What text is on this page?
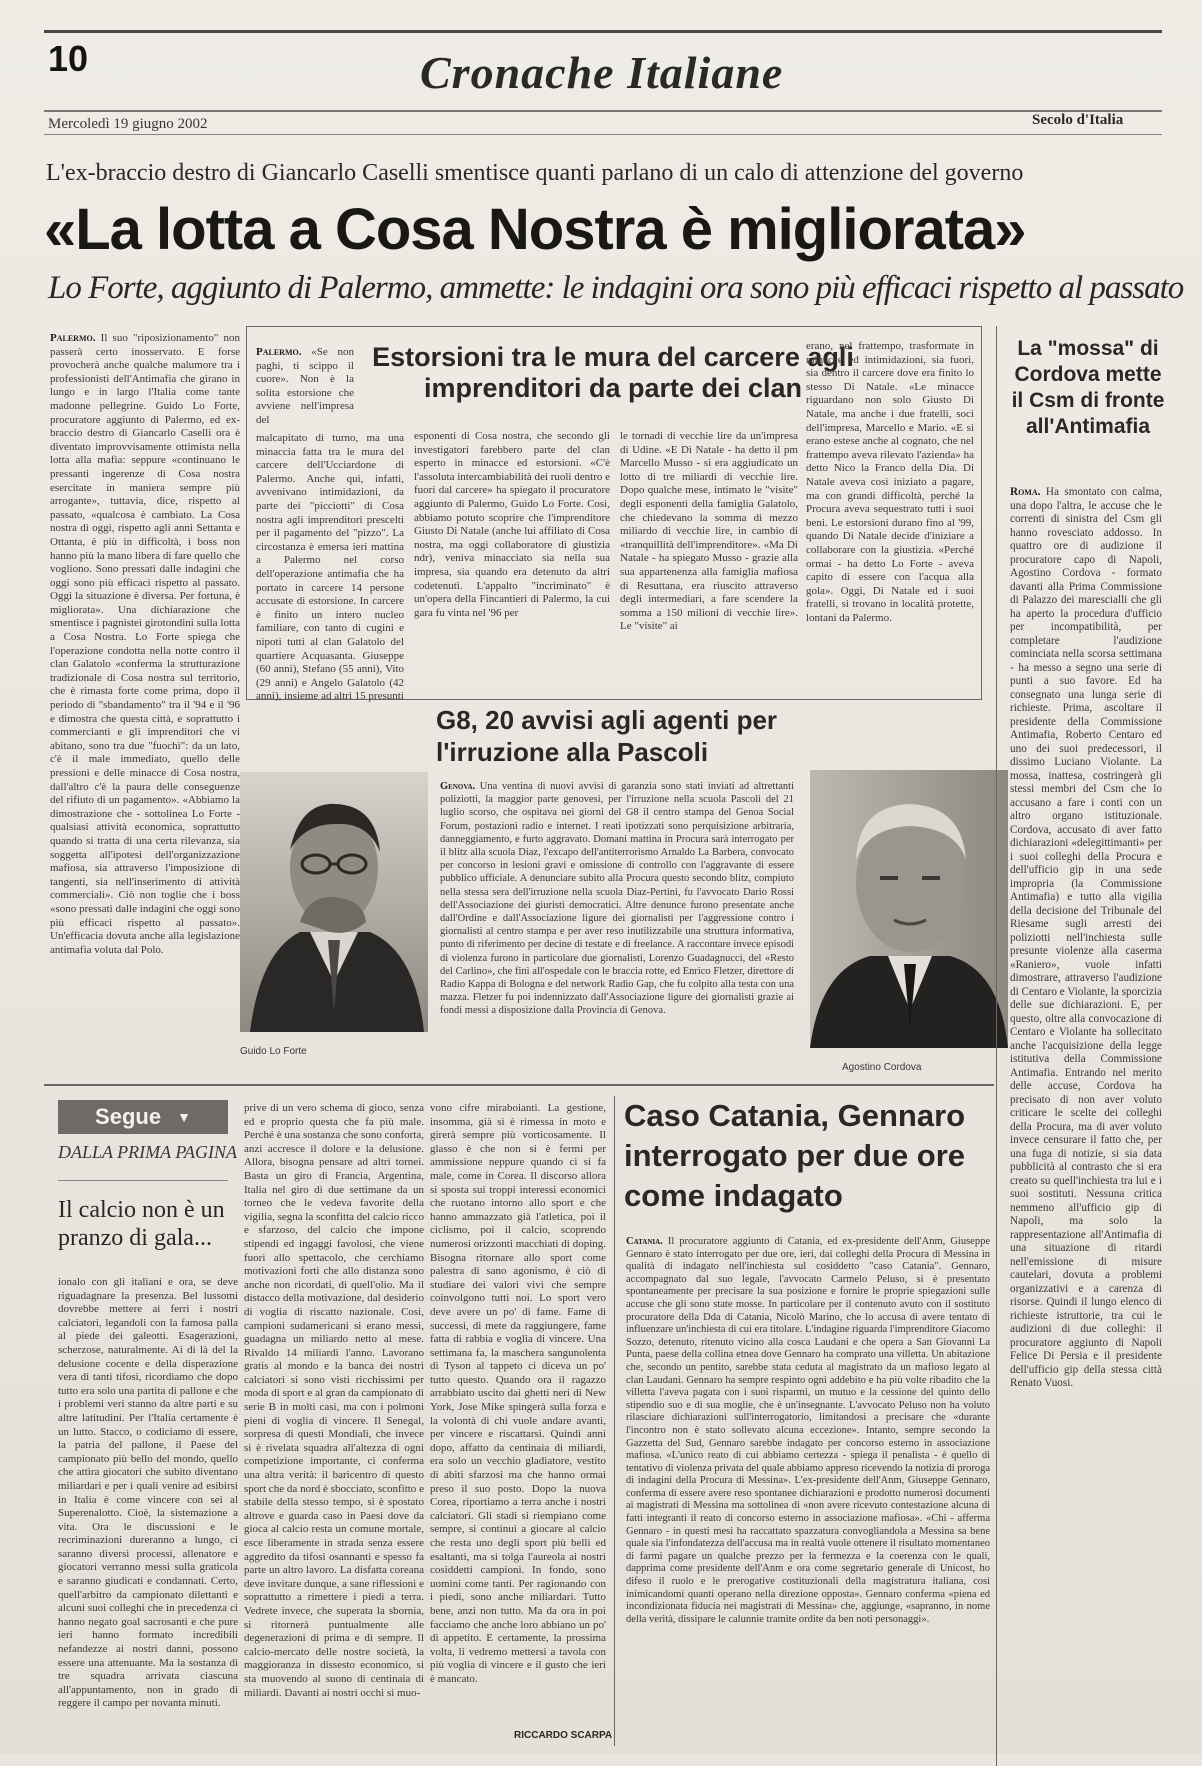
10	Cronache Italiane
Mercoledì 19 giugno 2002	Secolo d'Italia
L'ex-braccio destro di Giancarlo Caselli smentisce quanti parlano di un calo di attenzione del governo
«La lotta a Cosa Nostra è migliorata»
Lo Forte, aggiunto di Palermo, ammette: le indagini ora sono più efficaci rispetto al passato
Palermo. Il suo "riposizionamento" non passerà certo inosservato. E forse provocherà anche qualche malumore tra i professionisti dell'Antimafia che girano in lungo e in largo l'Italia come tante madonne pellegrine. Guido Lo Forte, procuratore aggiunto di Palermo, ed ex-braccio destro di Giancarlo Caselli ora è diventato improvvisamente ottimista nella lotta alla mafia: seppure «continuano le pressanti ingerenze di Cosa nostra esercitate in maniera sempre più arrogante», tuttavia, dice, rispetto al passato, «qualcosa è cambiato. La Cosa nostra di oggi, rispetto agli anni Settanta e Ottanta, è più in difficoltà, i boss non hanno più la mano libera di fare quello che vogliono. Sono pressati dalle indagini che oggi sono più efficaci rispetto al passato. Oggi la situazione è diversa. Per fortuna, è migliorata». Una dichiarazione che smentisce i pagnisteì girotondini sulla lotta a Cosa Nostra. Lo Forte spiega che l'operazione condotta nella notte contro il clan Galatolo «conferma la strutturazione tradizionale di Cosa nostra sul territorio, che è rimasta forte come prima, dopo il periodo di "sbandamento" tra il '94 e il '96 e dimostra che questa città, e soprattutto i commercianti e gli imprenditori che vi abitano, sono tra due "fuochi": da un lato, c'è il male immediato, quello delle pressioni e delle minacce di Cosa nostra, dall'altro c'è la paura delle conseguenze del rifiuto di un pagamento». «Abbiamo la dimostrazione che - sottolinea Lo Forte - qualsiasi attività economica, soprattutto quando si tratta di una certa rilevanza, sia soggetta all'ipotesi dell'organizzazione mafiosa, sia attraverso l'imposizione di tangenti, sia nell'inserimento di attività commerciali». Ciò non toglie che i boss «sono pressati dalle indagini che oggi sono più efficaci rispetto al passato». Un'efficacia dovuta anche alla legislazione antimafia voluta dal Polo.
Estorsioni tra le mura del carcere agli imprenditori da parte dei clan
Palermo. «Se non paghi, ti scippo il cuore». Non è la solita estorsione che avviene nell'impresa del
malcapitato di turno, ma una minaccia fatta tra le mura del carcere dell'Ucciardone di Palermo. Anche qui, infatti, avvenivano intimidazioni, da parte dei "picciotti" di Cosa nostra agli imprenditori prescelti per il pagamento del "pizzo". La circostanza è emersa ieri mattina a Palermo nel corso dell'operazione antimafia che ha portato in carcere 14 persone accusate di estorsione. In carcere è finito un intero nucleo familiare, con tanto di cugini e nipoti tutti al clan Galatolo del quartiere Acquasanta. Giuseppe (60 anni), Stefano (55 anni), Vito (29 anni) e Angelo Galatolo (42 anni), insieme ad altri 15 presunti
esponenti di Cosa nostra, che secondo gli investigatori farebbero parte del clan esperto in minacce ed estorsioni. «C'è l'assoluta intercambiabilità dei ruoli dentro e fuori dal carcere» ha spiegato il procuratore aggiunto di Palermo, Guido Lo Forte. Così, abbiamo potuto scoprire che l'imprenditore Giusto Di Natale (anche lui affiliato di Cosa nostra, ma oggi collaboratore di giustizia ndr), veniva minacciato sia nella sua impresa, sia quando era detenuto da altri codetenuti. L'appalto "incriminato" è un'opera della Fincantieri di Palermo, la cui gara fu vinta nel '96 per
le tornadi di vecchie lire da un'impresa di Udine. «E Di Natale - ha detto il pm Marcello Musso - si era aggiudicato un lotto di tre miliardi di vecchie lire. Dopo qualche mese, intimato le "visite" degli esponenti della famiglia Galatolo, che chiedevano la somma di mezzo miliardo di vecchie lire, in cambio di «tranquillità dell'imprenditore». «Ma Di Natale - ha spiegato Musso - grazie alla sua appartenenza alla famiglia mafiosa di Resuttana, era riuscito attraverso degli intermediari, a fare scendere la somma a 150 milioni di vecchie lire». Le "visite" ai
erano, nel frattempo, trasformate in minacce ed intimidazioni, sia fuori, sia dentro il carcere dove era finito lo stesso Di Natale. «Le minacce riguardano non solo Giusto Di Natale, ma anche i due fratelli, soci dell'impresa, Marcello e Mario. «E si erano estese anche al cognato, che nel frattempo aveva rilevato l'azienda» ha detto Nico la Franco della Dia. Di Natale aveva così iniziato a pagare, ma con grandi difficoltà, perché la Procura aveva sequestrato tutti i suoi beni. Le estorsioni durano fino al '99, quando Di Natale decide d'iniziare a collaborare con la giustizia. «Perché ormai - ha detto Lo Forte - aveva capito di essere con l'acqua alla gola». Oggi, Di Natale ed i suoi fratelli, si trovano in località protette, lontani da Palermo.
G8, 20 avvisi agli agenti per l'irruzione alla Pascoli
Genova. Una ventina di nuovi avvisi di garanzia sono stati inviati ad altrettanti poliziotti, la maggior parte genovesi, per l'irruzione nella scuola Pascoli del 21 luglio scorso, che ospitava nei giorni del G8 il centro stampa del Genoa Social Forum, postazioni radio e internet. I reati ipotizzati sono perquisizione arbitraria, danneggiamento, e furto aggravato. Domani mattina in Procura sarà interrogato per il blitz alla scuola Diaz, l'excapo dell'antiterrorismo Arnaldo La Barbera, convocato per concorso in lesioni gravi e omissione di controllo con l'aggravante di essere pubblico ufficiale. A denunciare subito alla Procura questo secondo blitz, compiuto nella stessa sera dell'irruzione nella scuola Diaz-Pertini, fu l'avvocato Dario Rossi dell'Associazione dei giuristi democratici. Altre denunce furono presentate anche dall'Ordine e dall'Associazione ligure dei giornalisti per l'aggressione contro i giornalisti al centro stampa e per aver reso inutilizzabile una struttura informativa, punto di riferimento per decine di testate e di freelance. A raccontare invece episodi di violenza furono in particolare due giornalisti, Lorenzo Guadagnucci, del «Resto del Carlino», che finì all'ospedale con le braccia rotte, ed Enrico Fletzer, direttore di Radio Kappa di Bologna e del network Radio Gap, che fu colpito alla testa con una mazza. Fletzer fu poi indennizzato dall'Associazione ligure dei giornalisti grazie ai fondi messi a disposizione dalla Provincia di Genova.
Guido Lo Forte
Agostino Cordova
La "mossa" di Cordova mette il Csm di fronte all'Antimafia
Roma. Ha smontato con calma, una dopo l'altra, le accuse che le correnti di sinistra del Csm gli hanno rovesciato addosso. In quattro ore di audizione il procuratore capo di Napoli, Agostino Cordova - formato davanti alla Prima Commissione di Palazzo dei marescialli che gli ha aperto la procedura d'ufficio per incompatibilità, per completare l'audizione cominciata nella scorsa settimana - ha messo a segno una serie di punti a suo favore. Ed ha consegnato una lunga serie di richieste. Prima, ascoltare il presidente della Commissione Antimafia, Roberto Centaro ed uno dei suoi predecessori, il dissimo Luciano Violante. La mossa, inattesa, costringerà gli stessi membri del Csm che lo accusano a fare i conti con un altro organo istituzionale. Cordova, accusato di aver fatto dichiarazioni «delegittimanti» per i suoi colleghi della Procura e dell'ufficio gip in una sede impropria (la Commissione Antimafia) e tutto alla vigilia della decisione del Tribunale del Riesame sugli arresti dei poliziotti nell'inchiesta sulle presunte violenze alla caserma «Raniero», vuole infatti dimostrare, attraverso l'audizione di Centaro e Violante, la sporcizia delle sue dichiarazioni. E, per questo, oltre alla convocazione di Centaro e Violante ha sollecitato anche l'acquisizione della legge istitutiva della Commissione Antimafia. Entrando nel merito delle accuse, Cordova ha precisato di non aver voluto criticare le scelte dei colleghi della Procura, ma di aver voluto invece censurare il fatto che, per una fuga di notizie, si sia data pubblicità al contrasto che si era creato su quell'inchiesta tra lui e i suoi sostituti. Nessuna critica nemmeno all'ufficio gip di Napoli, ma solo la rappresentazione all'Antimafia di una situazione di ritardi nell'emissione di misure cautelari, dovuta a problemi organizzativi e a carenza di risorse. Quindi il lungo elenco di richieste istruttorie, tra cui le audizioni di due colleghi: il procuratore aggiunto di Napoli Felice Di Persia e il presidente dell'ufficio gip della stessa città Renato Vuosi.
Segue ▼
DALLA PRIMA PAGINA
Il calcio non è un pranzo di gala...
ionalo con gli italiani e ora, se deve riguadagnare la presenza. Bel lussomi dovrebbe mettere ai ferri i nostri calciatori, legandoli con la famosa palla al piede dei galeotti. Esagerazioni, scherzose, naturalmente. Ai di là del la delusione cocente e della disperazione vera di tanti tifosi, ricordiamo che dopo tutto era solo una partita di pallone e che i problemi veri stanno da altre parti e su altre latitudini. Per l'Italia certamente è un lutto. Stacco, o codiciamo di essere, la patria del pallone, il Paese del campionato più bello del mondo, quello che attira giocatori che subito diventano miliardari e per i quali venire ad esibirsi in Italia è come vincere con sei al Superenalotto. Cioè, la sistemazione a vita. Ora le discussioni e le recriminazioni dureranno a lungo, ci saranno diversi processi, allenatore e giocatori verranno messi sulla graticola e saranno giudicati e condannati. Certo, quell'arbitro da campionato dilettanti e alcuni suoi colleghi che in precedenza ci hanno negato goal sacrosanti e che pure ieri hanno formato incredibili nefandezze ai nostri danni, possono essere una attenuante. Ma la sostanza di tre squadra arrivata ciascuna all'appuntamento, non in grado di reggere il campo per novanta minuti.
prive di un vero schema di gioco, senza ed e proprio questa che fa più male. Perché è una sostanza che sono conforta, anzi accresce il dolore e la delusione. Allora, bisogna pensare ad altri tornei. Basta un giro di Francia, Argentina, Italia nel giro di due settimane da un torneo che le vedeva favorite della vigilia, segna la sconfitta del calcio ricco e sfarzoso, del calcio che impone stipendi ed ingaggi favolosi, che viene fuori allo spettacolo, che cerchiamo motivazioni forti che allo distanza sono anche non ricordati, di quell'olio. Ma il distacco della motivazione, dal desiderio di voglia di riscatto nazionale. Così, campioni sudamericani si erano messi, guadagna un miliardo netto al mese. Rivaldo 14 miliardi l'anno. Lavorano gratis al mondo e la banca dei nostri calciatori si sono visti ricchissimi per moda di sport e al gran da campionato di serie B in molti casi, ma con i polmoni pieni di voglia di vincere. Il Senegal, sorpresa di questi Mondiali, che invece si è rivelata squadra all'altezza di ogni competizione importante, ci conferma una altra verità: il baricentro di questo sport che da nord è sbocciato, sconfitto e stabile della stesso tempo, sì è spostato altrove e guarda caso in Paesi dove da gioca al calcio resta un comune mortale, esce liberamente in strada senza essere aggredito da tifosi osannanti e spesso fa parte un altro lavoro. La disfatta coreana deve invitare dunque, a sane riflessioni e soprattutto a rimettere i piedi a terra. Vedrete invece, che superata la sbornia, si ritornerà puntualmente alle degenerazioni di prima e di sempre. Il calcio-mercato delle nostre società, la maggioranza in dissesto economico, si sta muovendo al suono di centinaia di miliardi. Davanti ai nostri occhi si muo-
vono cifre miraboianti. La gestione, insomma, già si è rimessa in moto e girerà sempre più vorticosamente. Il glasso è che non si è fermi per ammissione neppure quando ci si fa male, come in Corea. Il discorso allora si sposta sui troppi interessi economici che ruotano intorno allo sport e che hanno ammazzato già l'atletica, poi il ciclismo, poi il calcio, scoprendo numerosi orizzonti macchiati di doping. Bisogna ritornare allo sport come palestra di sano agonismo, è ciò di studiare dei valori vivi che sempre coinvolgono tutti noi. Lo sport vero deve avere un po' di fame. Fame di successi, di mete da raggiungere, fame fatta di rabbia e voglia di vincere. Una settimana fa, la maschera sangunolenta di Tyson al tappeto ci diceva un po' tutto questo. Quando ora il ragazzo arrabbiato uscito dai ghetti neri di New York, Jose Mike spingerà sulla forza e la volontà di chi vuole andare avanti, per vincere e riscattarsi. Quindi anni dopo, affatto da centinaia di miliardi, era solo un vecchio gladiatore, vestito di abiti sfarzosi ma che hanno ormai preso il suo posto. Dopo la nuova Corea, riportiamo a terra anche i nostri calciatori. Gli stadi si riempiano come sempre, si continui a giocare al calcio che resta uno degli sport più belli ed esaltanti, ma si tolga l'aureola ai nostri cosiddetti campioni. In fondo, sono uomini come tanti. Per ragionando con i piedi, sono anche miliardari. Tutto bene, anzi non tutto. Ma da ora in poi facciamo che anche loro abbiano un po' di appetito. E certamente, la prossima volta, li vedremo mettersi a tavola con più voglia di vincere e il gusto che ieri è mancato.
RICCARDO SCARPA
Caso Catania, Gennaro interrogato per due ore come indagato
Catania. Il procuratore aggiunto di Catania, ed ex-presidente dell'Anm, Giuseppe Gennaro è stato interrogato per due ore, ieri, dai colleghi della Procura di Messina in qualità di indagato nell'inchiesta sul cosiddetto "caso Catania". Gennaro, accompagnato dal suo legale, l'avvocato Carmelo Peluso, si è presentato spontaneamente per precisare la sua posizione e fornire le proprie spiegazioni sulle accuse che gli sono state mosse. In particolare per il contenuto avuto con il sostituto procuratore della Dda di Catania, Nicolò Marino, che lo accusa di avere tentato di influenzare un'inchiesta di cui era titolare. L'indagine riguarda l'imprenditore Giacomo Sozzo, detenuto, ritenuto vicino alla cosca Laudani e che opera a San Giovanni La Punta, paese della collina etnea dove Gennaro ha comprato una villetta. Un abitazione che, secondo un pentito, sarebbe stata ceduta al magistrato da un mafioso legato al clan Laudani. Gennaro ha sempre respinto ogni addebito e ha più volte ribadito che la villetta l'aveva pagata con i suoi risparmi, un mutuo e la cessione del quinto dello stipendio suo e di sua moglie, che è un'insegnante. L'avvocato Peluso non ha voluto rilasciare dichiarazioni sull'interrogatorio, limitandosi a precisare che «durante l'incontro non è stato sollevato alcuna eccezione». Intanto, sempre secondo la Gazzetta del Sud, Gennaro sarebbe indagato per concorso esterno in associazione mafiosa. «L'unico reato di cui abbiamo certezza - spiega il penalista - è quello di tentativo di violenza privata del quale abbiamo appreso ricevendo la notizia di proroga di indagini della Procura di Messina». L'ex-presidente dell'Anm, Giuseppe Gennaro, conferma di essere avere reso spontanee dichiarazioni e prodotto numerosi documenti ai magistrati di Messina ma sottolinea di «non avere ricevuto contestazione alcuna di fatti integranti il reato di concorso esterno in associazione mafiosa». «Chi - afferma Gennaro - in questi mesi ha raccattato spazzatura convogliandola a Messina sa bene quale sia l'infondatezza dell'accusa ma in realtà vuole ottenere il risultato momentaneo di farmi pagare un qualche prezzo per la fermezza e la coerenza con le quali, dapprima come presidente dell'Anm e ora come segretario generale di Unicost, ho difeso il ruolo e le prerogative costituzionali della magistratura italiana, così inimicandomi quanti operano nella direzione opposta». Gennaro conferma «piena ed incondizionata fiducia nei magistrati di Messina» che, aggiunge, «sapranno, in nome della verità, dissipare le calunnie tramite ordite da ben noti personaggi».
